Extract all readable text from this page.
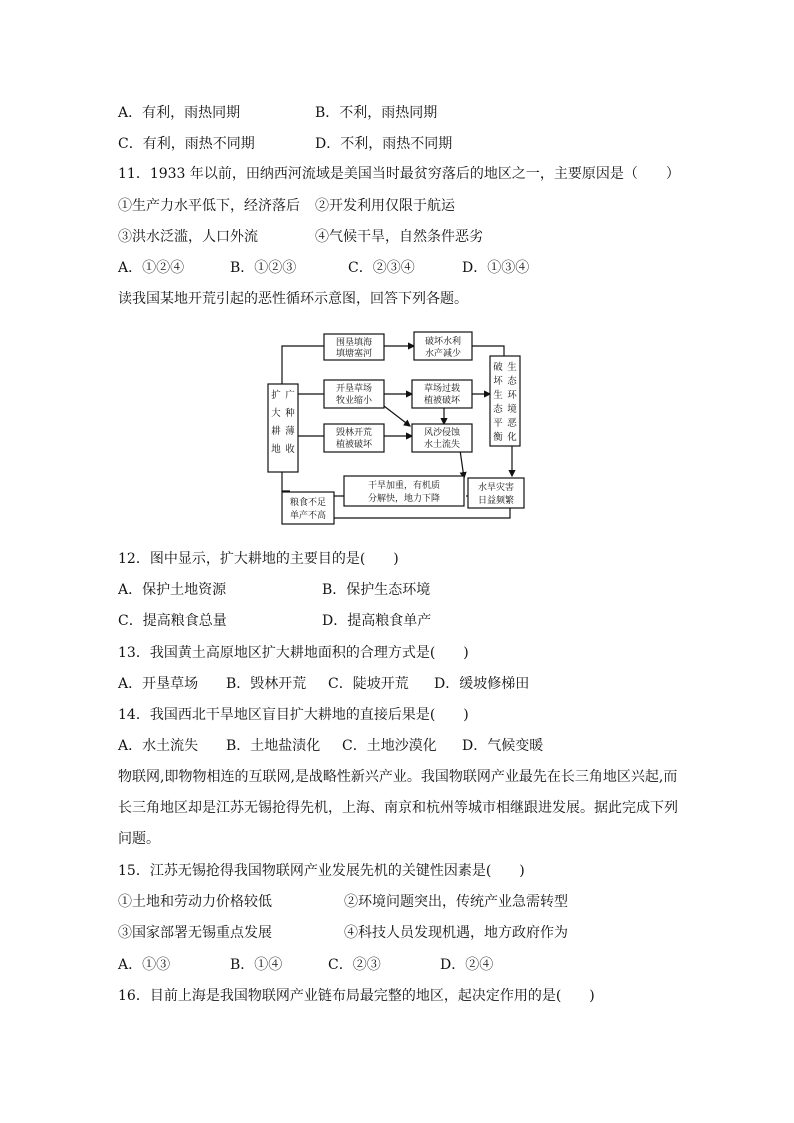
A．有利，雨热同期	B．不利，雨热同期
C．有利，雨热不同期	D．不利，雨热不同期
11．1933 年以前，田纳西河流域是美国当时最贫穷落后的地区之一，主要原因是（　　）
①生产力水平低下，经济落后 ②开发利用仅限于航运
③洪水泛滥，人口外流	④气候干旱，自然条件恶劣
A．①②④	B．①②③	C．②③④	D．①③④
读我国某地开荒引起的恶性循环示意图，回答下列各题。
围垦填海
填塘塞河
破坏水利
水产减少
扩 广
大 种
耕 薄
地 收
开垦草场
牧业缩小
草场过载
植被破坏
破
坏
生
态
平
衡
生
态
环
境
恶
化
毁林开荒
植被破坏
风沙侵蚀
水土流失
干旱加重，有机质
分解快，地力下降
水旱灾害
日益频繁
粮食不足
单产不高
12．图中显示，扩大耕地的主要目的是(　　)
A．保护土地资源	B．保护生态环境
C．提高粮食总量	D．提高粮食单产
13．我国黄土高原地区扩大耕地面积的合理方式是(　　)
A．开垦草场 B．毁林开荒 C．陡坡开荒 D．缓坡修梯田
14．我国西北干旱地区盲目扩大耕地的直接后果是(　　)
A．水土流失 B．土地盐渍化 C．土地沙漠化 D．气候变暖
物联网,即物物相连的互联网,是战略性新兴产业。我国物联网产业最先在长三角地区兴起,而长三角地区却是江苏无锡抢得先机，上海、南京和杭州等城市相继跟进发展。据此完成下列问题。
15．江苏无锡抢得我国物联网产业发展先机的关键性因素是(　　)
①土地和劳动力价格较低	②环境问题突出，传统产业急需转型
③国家部署无锡重点发展	④科技人员发现机遇，地方政府作为
A．①③	B．①④	C．②③	D．②④
16．目前上海是我国物联网产业链布局最完整的地区，起决定作用的是(　　)
